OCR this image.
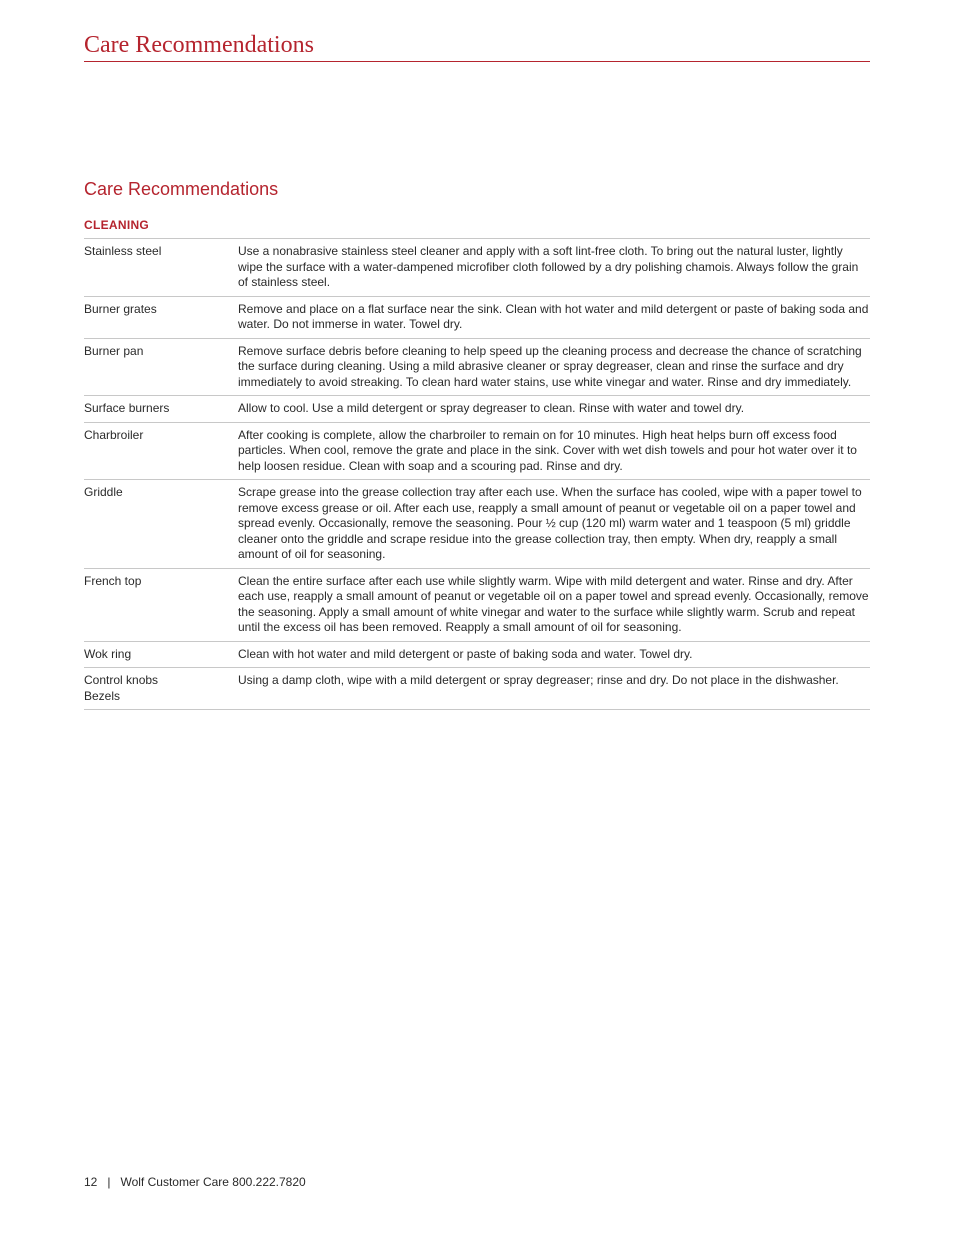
Care Recommendations
Care Recommendations
CLEANING
Stainless steel	Use a nonabrasive stainless steel cleaner and apply with a soft lint-free cloth. To bring out the natural luster, lightly wipe the surface with a water-dampened microfiber cloth followed by a dry polishing chamois. Always follow the grain of stainless steel.
Burner grates	Remove and place on a flat surface near the sink. Clean with hot water and mild detergent or paste of baking soda and water. Do not immerse in water. Towel dry.
Burner pan	Remove surface debris before cleaning to help speed up the cleaning process and decrease the chance of scratching the surface during cleaning. Using a mild abrasive cleaner or spray degreaser, clean and rinse the surface and dry immediately to avoid streaking. To clean hard water stains, use white vinegar and water. Rinse and dry immediately.
Surface burners	Allow to cool. Use a mild detergent or spray degreaser to clean. Rinse with water and towel dry.
Charbroiler	After cooking is complete, allow the charbroiler to remain on for 10 minutes. High heat helps burn off excess food particles. When cool, remove the grate and place in the sink. Cover with wet dish towels and pour hot water over it to help loosen residue. Clean with soap and a scouring pad. Rinse and dry.
Griddle	Scrape grease into the grease collection tray after each use. When the surface has cooled, wipe with a paper towel to remove excess grease or oil. After each use, reapply a small amount of peanut or vegetable oil on a paper towel and spread evenly. Occasionally, remove the seasoning. Pour ½ cup (120 ml) warm water and 1 teaspoon (5 ml) griddle cleaner onto the griddle and scrape residue into the grease collection tray, then empty. When dry, reapply a small amount of oil for seasoning.
French top	Clean the entire surface after each use while slightly warm. Wipe with mild detergent and water. Rinse and dry. After each use, reapply a small amount of peanut or vegetable oil on a paper towel and spread evenly. Occasionally, remove the seasoning. Apply a small amount of white vinegar and water to the surface while slightly warm. Scrub and repeat until the excess oil has been removed. Reapply a small amount of oil for seasoning.
Wok ring	Clean with hot water and mild detergent or paste of baking soda and water. Towel dry.

Control knobs
Bezels	Using a damp cloth, wipe with a mild detergent or spray degreaser; rinse and dry. Do not place in the dishwasher.
12 | Wolf Customer Care 800.222.7820
